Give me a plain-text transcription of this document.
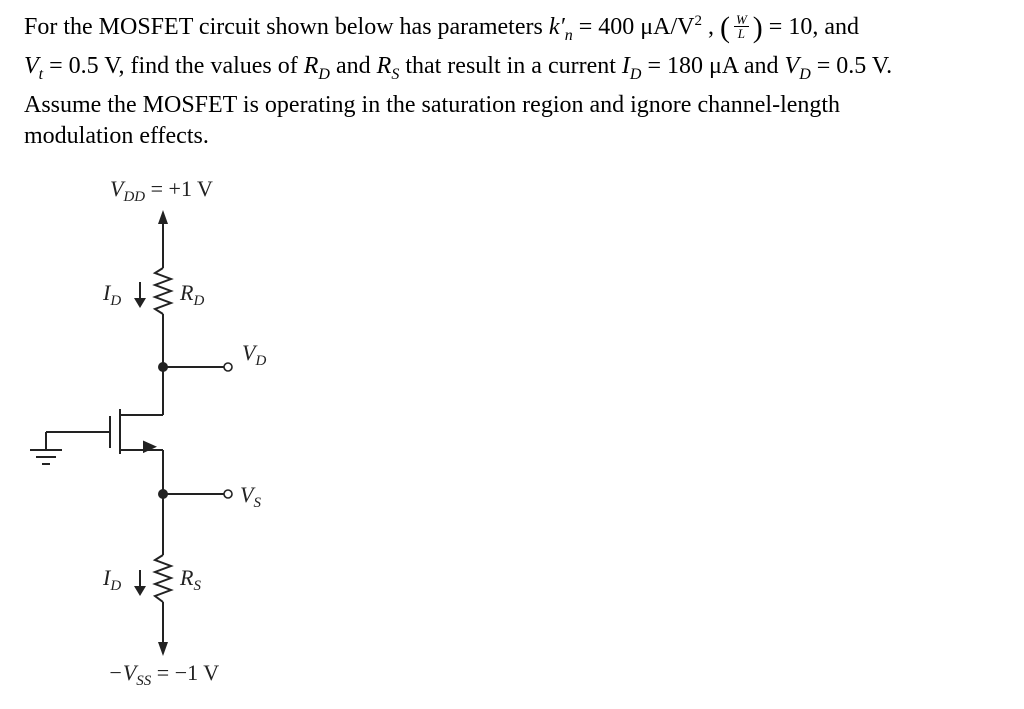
For the MOSFET circuit shown below has parameters $k'_n = 400$ $\mu A/V^2$ , ( $\frac{W}{L}$ ) = 10, and

$V_t = 0.5$ V, find the values of $R_D$ and $R_S$ that result in a current $I_D = 180$ μA and $V_D = 0.5$ V.

Assume the MOSFET is operating in the saturation region and ignore channel-length

modulation effects.

$V_{DD} = +1$ V
$I_D$	$R_D$
$V_D$
$V_S$
$I_D$	$R_S$
$-V_{SS} = -1$ V
